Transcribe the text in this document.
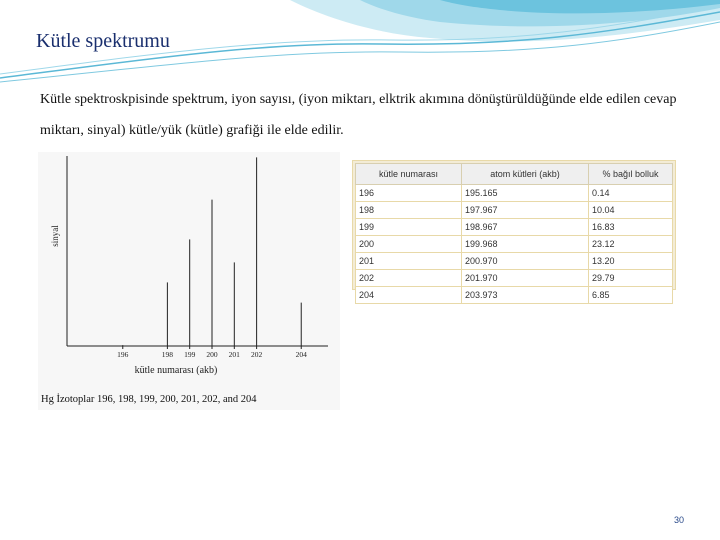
Kütle spektrumu
Kütle spektroskpisinde spektrum, iyon sayısı, (iyon miktarı, elktrik akımına dönüştürüldüğünde elde edilen cevap miktarı, sinyal) kütle/yük (kütle) grafiği ile elde edilir.
196	198 199 200 201 202	204
sinyal
kütle numarası (akb)
Hg İzotoplar 196, 198, 199, 200, 201, 202, and 204
kütle numarası	atom kütleri (akb)	% bağıl bolluk
196	195.165	0.14
198	197.967	10.04
199	198.967	16.83
200	199.968	23.12
201	200.970	13.20
202	201.970	29.79
204	203.973	6.85
30
